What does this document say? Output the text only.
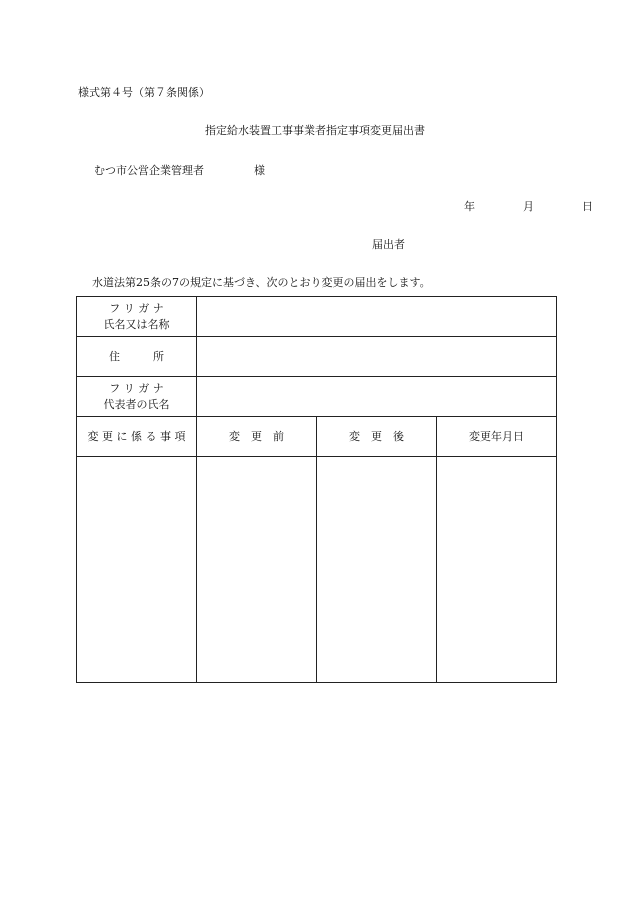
様式第４号（第７条関係）
指定給水装置工事事業者指定事項変更届出書
むつ市公営企業管理者	様
年	月	日
届出者
水道法第25条の7の規定に基づき、次のとおり変更の届出をします。
フ リ ガ ナ
氏名又は名称			

住　　　所			

フ リ ガ ナ
代表者の氏名			

変 更 に 係 る 事 項	変　更　前	変　更　後	変更年月日
